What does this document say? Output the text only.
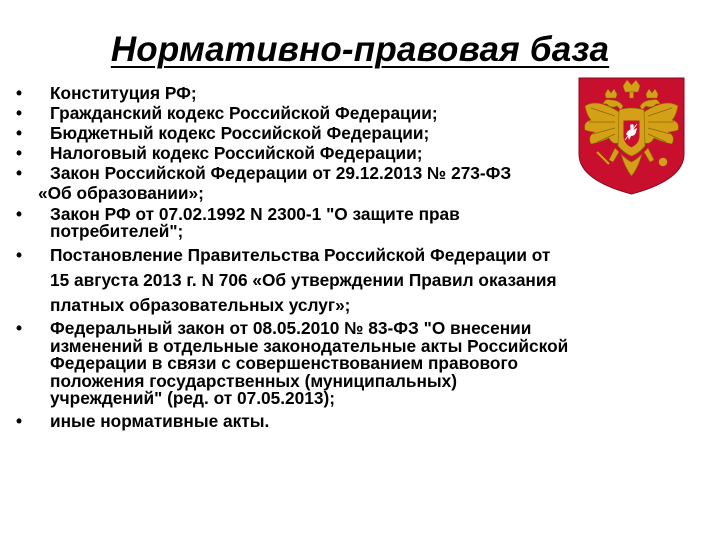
Нормативно-правовая база
•	Конституция РФ;
•	Гражданский кодекс Российской Федерации;
•	Бюджетный кодекс Российской Федерации;
•	Налоговый кодекс Российской Федерации;
•	Закон Российской Федерации от 29.12.2013 № 273-ФЗ
«Об образовании»;
•	Закон РФ от 07.02.1992 N 2300-1 "О защите прав
потребителей";
•	Постановление Правительства Российской Федерации от
15 августа 2013 г. N 706 «Об утверждении Правил оказания
платных образовательных услуг»;
•	Федеральный закон от 08.05.2010 № 83-ФЗ "О внесении
изменений в отдельные законодательные акты Российской
Федерации в связи с совершенствованием правового
положения государственных (муниципальных)
учреждений" (ред. от 07.05.2013);
•	иные нормативные акты.
